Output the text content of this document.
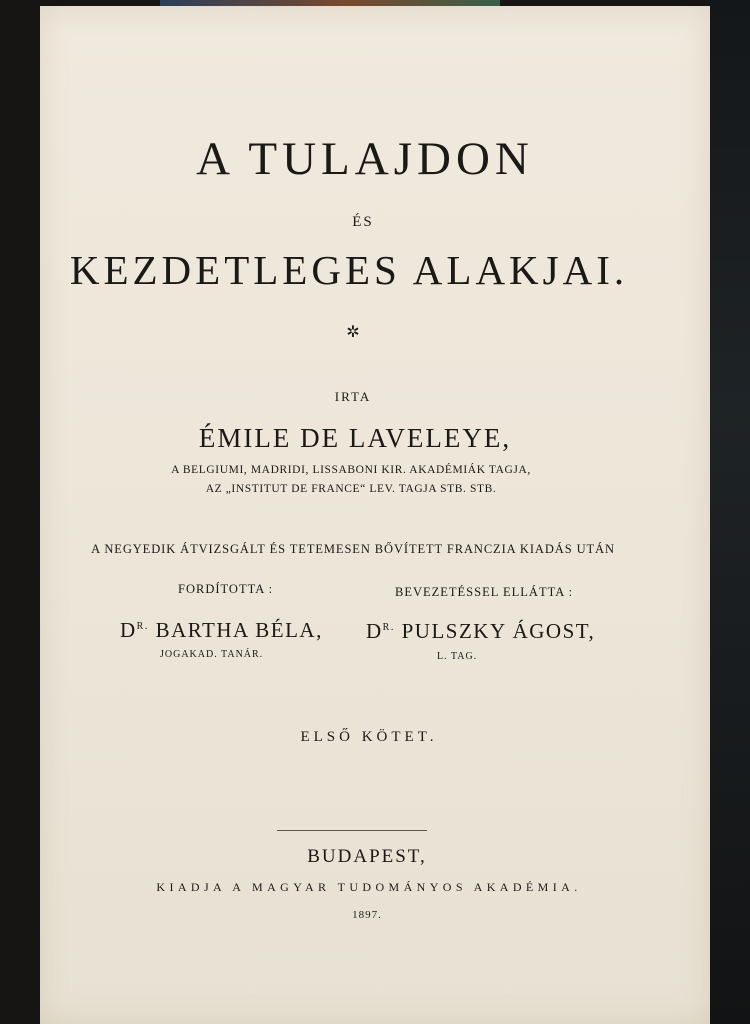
A TULAJDON
ÉS
KEZDETLEGES ALAKJAI.
✲
IRTA
ÉMILE DE LAVELEYE,
A BELGIUMI, MADRIDI, LISSABONI KIR. AKADÉMIÁK TAGJA,
AZ „INSTITUT DE FRANCE“ LEV. TAGJA STB. STB.
A NEGYEDIK ÁTVIZSGÁLT ÉS TETEMESEN BŐVÍTETT FRANCZIA KIADÁS UTÁN
FORDÍTOTTA :	BEVEZETÉSSEL ELLÁTTA :
$D^{R.}$ BARTHA BÉLA, $D^{R.}$ PULSZKY ÁGOST,
JOGAKAD. TANÁR.	L. TAG.
ELSŐ KÖTET.
BUDAPEST,
KIADJA A MAGYAR TUDOMÁNYOS AKADÉMIA.
1897.
